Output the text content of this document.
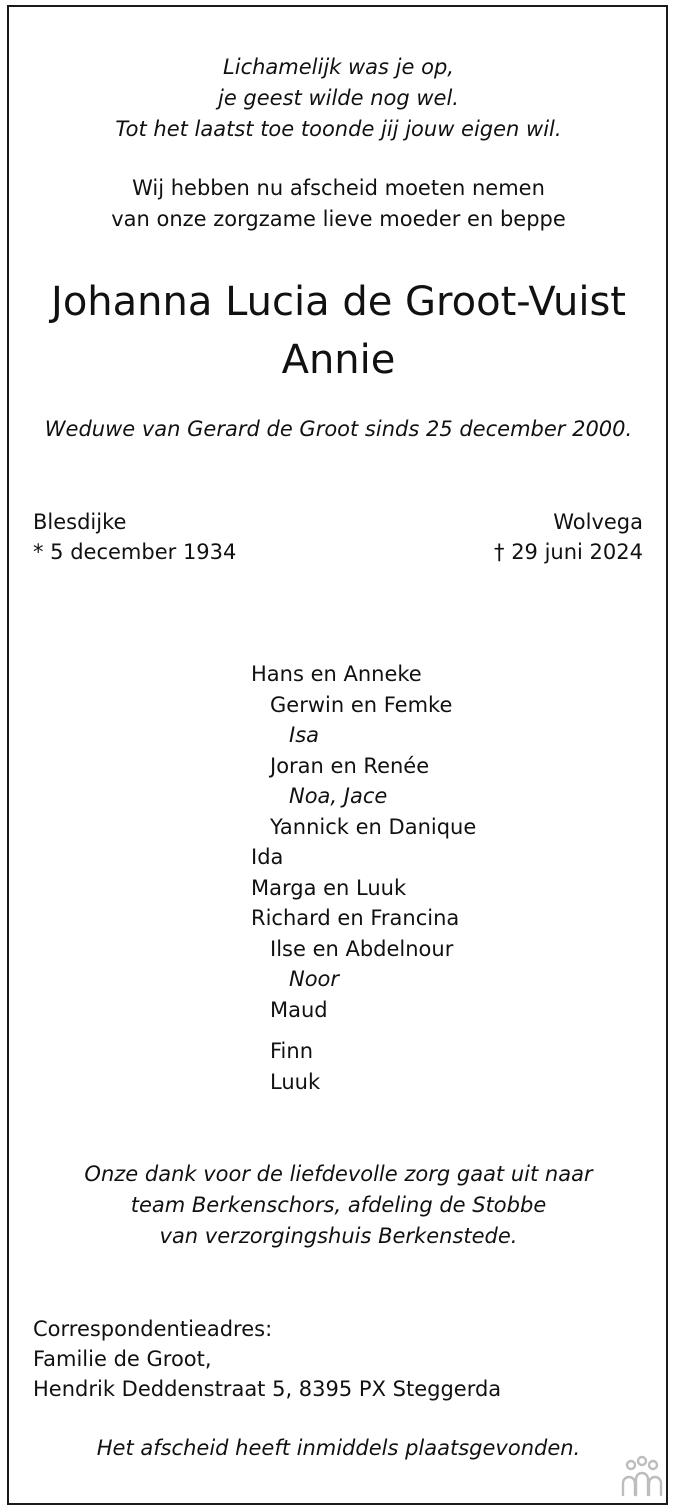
Lichamelijk was je op,
je geest wilde nog wel.
Tot het laatst toe toonde jij jouw eigen wil.
Wij hebben nu afscheid moeten nemen
van onze zorgzame lieve moeder en beppe
Johanna Lucia de Groot-Vuist
Annie
Weduwe van Gerard de Groot sinds 25 december 2000.
Blesdijke
* 5 december 1934
Wolvega
† 29 juni 2024
Hans en Anneke
Gerwin en Femke
Isa
Joran en Renée
Noa, Jace
Yannick en Danique
Ida
Marga en Luuk
Richard en Francina
Ilse en Abdelnour
Noor
Maud
Finn
Luuk
Onze dank voor de liefdevolle zorg gaat uit naar
team Berkenschors, afdeling de Stobbe
van verzorgingshuis Berkenstede.
Correspondentieadres:
Familie de Groot,
Hendrik Deddenstraat 5, 8395 PX Steggerda
Het afscheid heeft inmiddels plaatsgevonden.
